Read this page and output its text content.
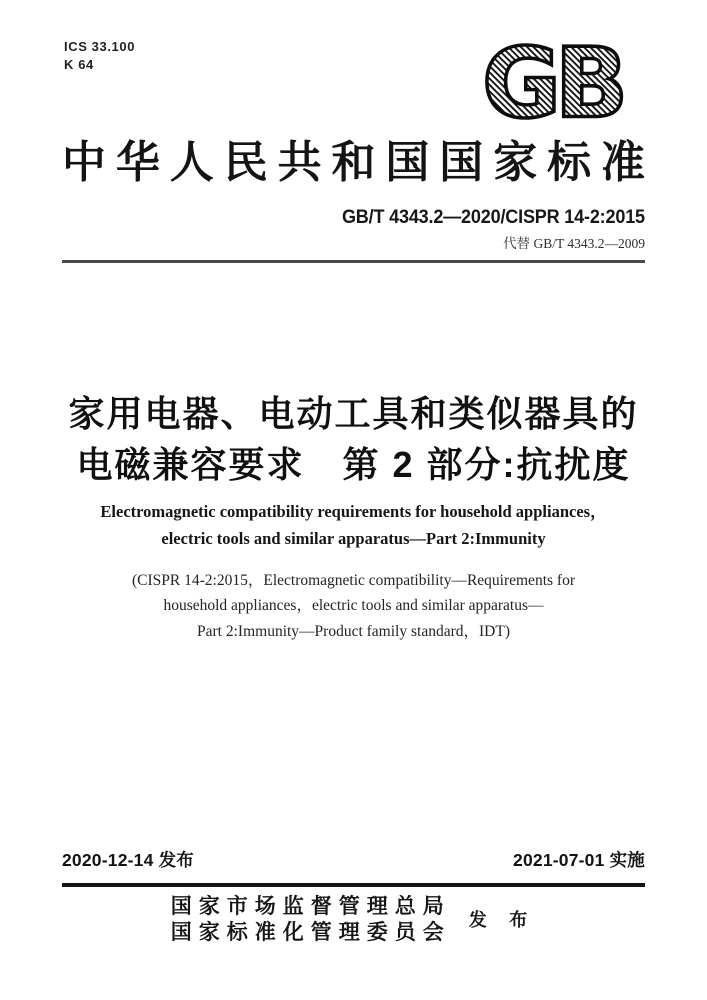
ICS 33.100
K 64	GB
中华人民共和国国家标准
GB/T 4343.2—2020/CISPR 14-2:2015
代替 GB/T 4343.2—2009
家用电器、电动工具和类似器具的
电磁兼容要求　第 2 部分:抗扰度
Electromagnetic compatibility requirements for household appliances，
electric tools and similar apparatus—Part 2:Immunity
(CISPR 14-2:2015，Electromagnetic compatibility—Requirements for
household appliances，electric tools and similar apparatus—
Part 2:Immunity—Product family standard，IDT)
2020-12-14 发布	2021-07-01 实施
国家市场监督管理总局
国家标准化管理委员会 发 布
